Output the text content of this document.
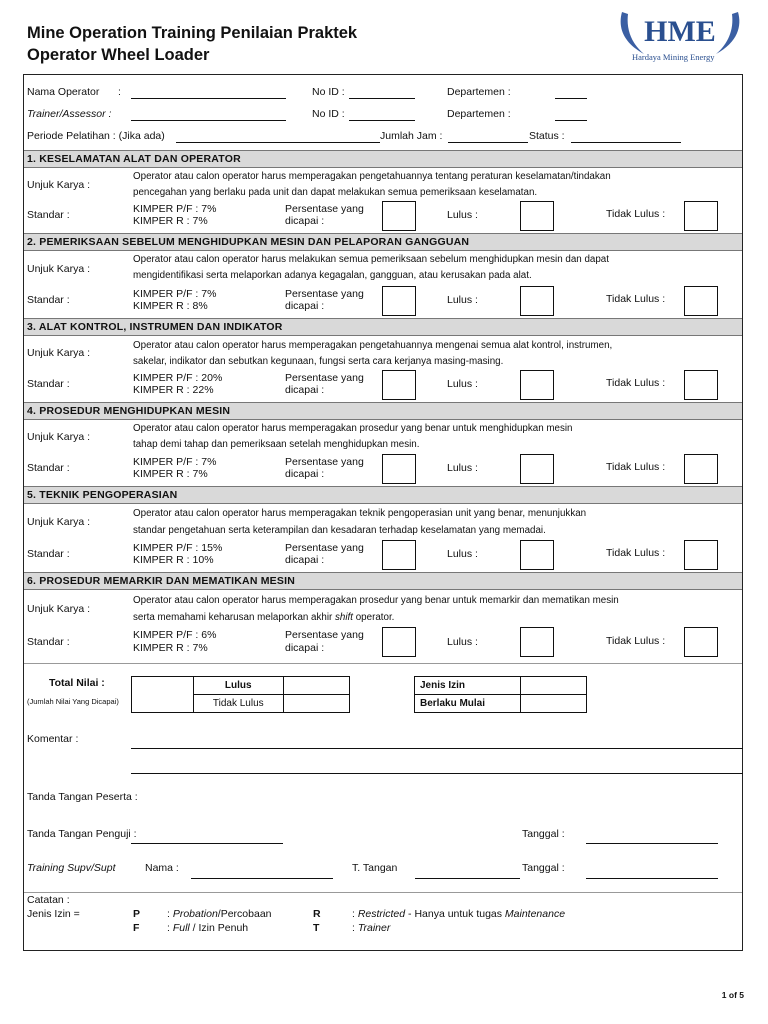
Mine Operation Training Penilaian Praktek
Operator Wheel Loader
HME
Hardaya Mining Energy
Nama Operator :	No ID :	Departemen :
Trainer/Assessor :	No ID :	Departemen :
Periode Pelatihan : (Jika ada)	Jumlah Jam :	Status :
1. KESELAMATAN ALAT DAN OPERATOR
Unjuk Karya :
Operator atau calon operator harus memperagakan pengetahuannya tentang peraturan keselamatan/tindakan
pencegahan yang berlaku pada unit dan dapat melakukan semua pemeriksaan keselamatan.
Standar :	KIMPER P/F : 7%
KIMPER R : 7%
Persentase yang
dicapai :	Lulus :	Tidak Lulus :
2. PEMERIKSAAN SEBELUM MENGHIDUPKAN MESIN DAN PELAPORAN GANGGUAN
Unjuk Karya :
Operator atau calon operator harus melakukan semua pemeriksaan sebelum menghidupkan mesin dan dapat
mengidentifikasi serta melaporkan adanya kegagalan, gangguan, atau kerusakan pada alat.
Standar :	KIMPER P/F : 7%
KIMPER R : 8%
Persentase yang
dicapai :	Lulus :	Tidak Lulus :
3. ALAT KONTROL, INSTRUMEN DAN INDIKATOR
Unjuk Karya :
Operator atau calon operator harus memperagakan pengetahuannya mengenai semua alat kontrol, instrumen,
sakelar, indikator dan sebutkan kegunaan, fungsi serta cara kerjanya masing-masing.
Standar :	KIMPER P/F : 20%
KIMPER R : 22%
Persentase yang
dicapai :	Lulus :	Tidak Lulus :
4. PROSEDUR MENGHIDUPKAN MESIN
Unjuk Karya :
Operator atau calon operator harus memperagakan prosedur yang benar untuk menghidupkan mesin
tahap demi tahap dan pemeriksaan setelah menghidupkan mesin.
Standar :	KIMPER P/F : 7%
KIMPER R : 7%
Persentase yang
dicapai :	Lulus :	Tidak Lulus :
5. TEKNIK PENGOPERASIAN
Unjuk Karya :
Operator atau calon operator harus memperagakan teknik pengoperasian unit yang benar, menunjukkan
standar pengetahuan serta keterampilan dan kesadaran terhadap keselamatan yang memadai.
Standar :	KIMPER P/F : 15%
KIMPER R : 10%
Persentase yang
dicapai :	Lulus :	Tidak Lulus :
6. PROSEDUR MEMARKIR DAN MEMATIKAN MESIN
Unjuk Karya :
Operator atau calon operator harus memperagakan prosedur yang benar untuk memarkir dan mematikan mesin
serta memahami keharusan melaporkan akhir shift operator.
Standar :
KIMPER P/F : 6%
KIMPER R : 7%
Persentase yang
dicapai :	Lulus :	Tidak Lulus :
Total Nilai :
(Jumlah Nilai Yang Dicapai)
Lulus	
Tidak Lulus	
Jenis Izin	
Berlaku Mulai	
Komentar :
Tanda Tangan Peserta :
Tanda Tangan Penguji :	Tanggal :
Training Supv/Supt	Nama :	T. Tangan	Tanggal :
Catatan :
Jenis Izin =	P	: Probation/Percobaan
F	: Full / Izin Penuh
R	: Restricted - Hanya untuk tugas Maintenance
T	: Trainer
1 of 5
